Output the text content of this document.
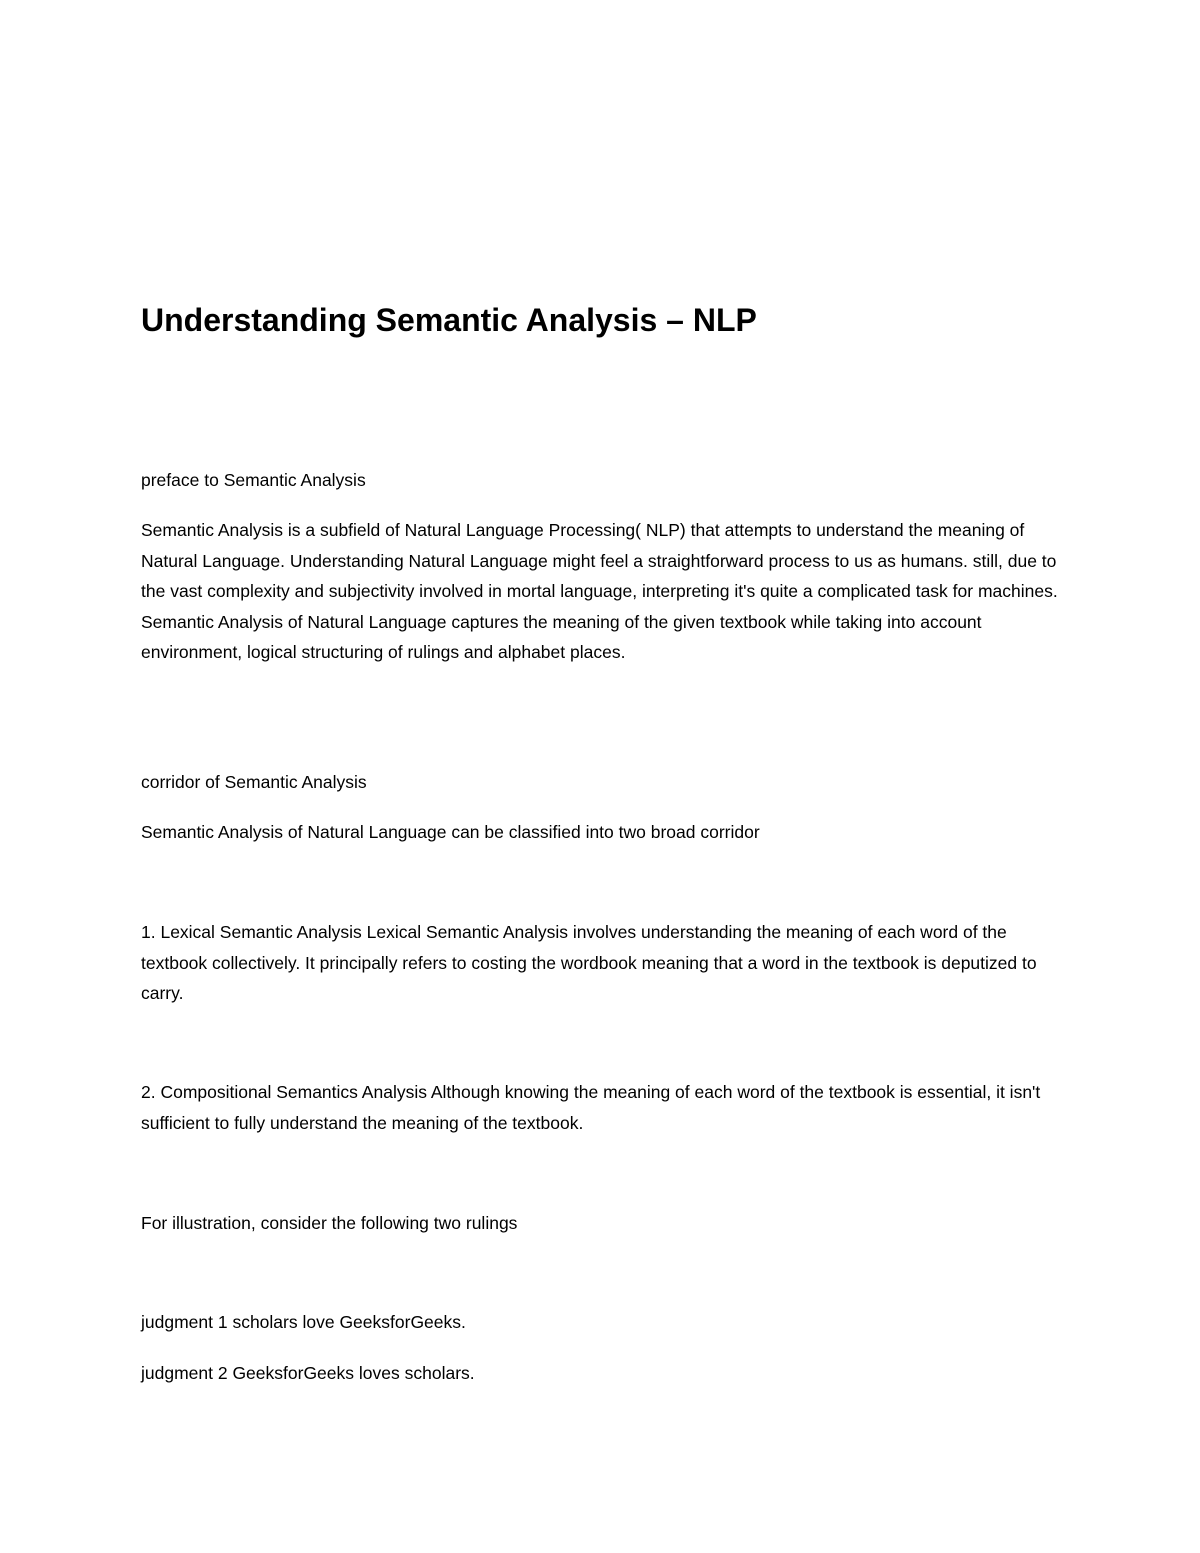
Understanding Semantic Analysis – NLP

preface to Semantic Analysis

Semantic Analysis is a subfield of Natural Language Processing( NLP) that attempts to understand the meaning of Natural Language. Understanding Natural Language might feel a straightforward process to us as humans. still, due to the vast complexity and subjectivity involved in mortal language, interpreting it's quite a complicated task for machines. Semantic Analysis of Natural Language captures the meaning of the given textbook while taking into account environment, logical structuring of rulings and alphabet places.

corridor of Semantic Analysis

Semantic Analysis of Natural Language can be classified into two broad corridor

1. Lexical Semantic Analysis Lexical Semantic Analysis involves understanding the meaning of each word of the textbook collectively. It principally refers to costing the wordbook meaning that a word in the textbook is deputized to carry.

2. Compositional Semantics Analysis Although knowing the meaning of each word of the textbook is essential, it isn't sufficient to fully understand the meaning of the textbook.

For illustration, consider the following two rulings

judgment 1 scholars love GeeksforGeeks.

judgment 2 GeeksforGeeks loves scholars.
